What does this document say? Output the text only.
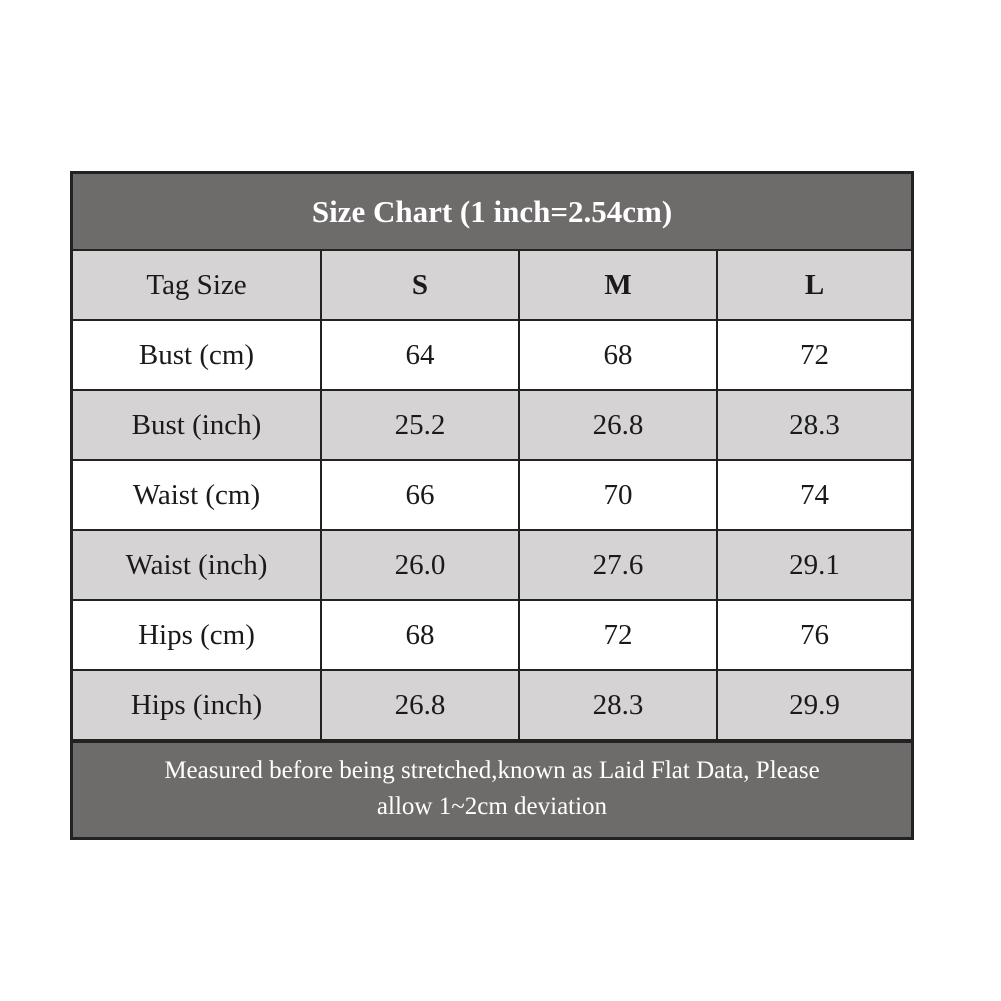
Size Chart (1 inch=2.54cm)
Tag Size	S	M	L
Bust (cm)	64	68	72
Bust (inch)	25.2	26.8	28.3
Waist (cm)	66	70	74
Waist (inch)	26.0	27.6	29.1
Hips (cm)	68	72	76
Hips (inch)	26.8	28.3	29.9
Measured before being stretched,known as Laid Flat Data, Please
allow 1~2cm deviation
